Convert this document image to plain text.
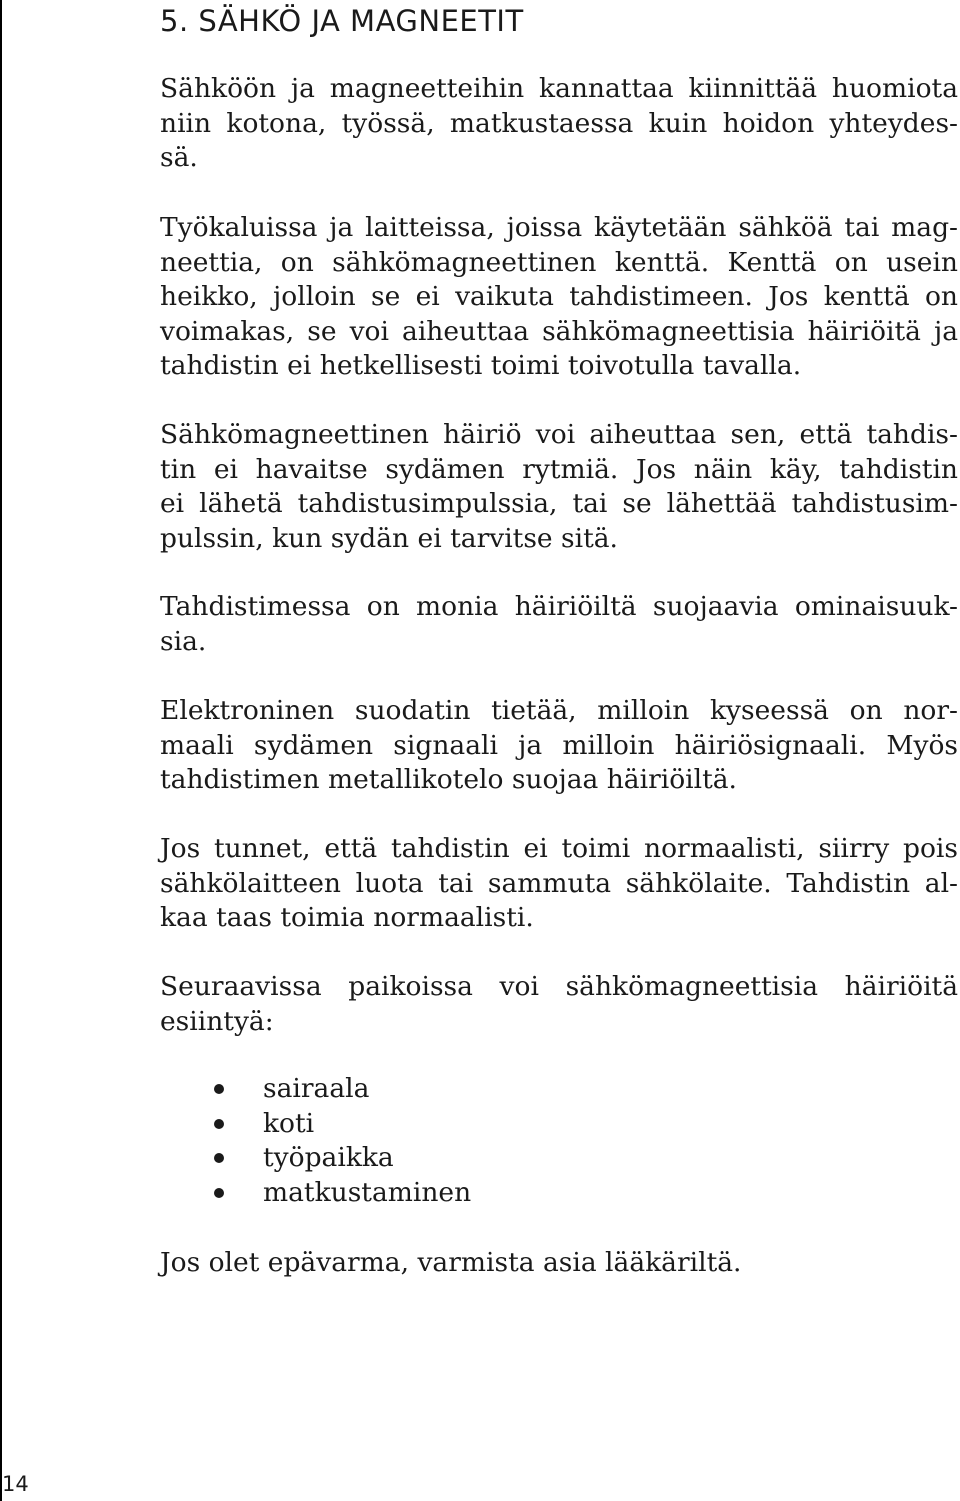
5. SÄHKÖ JA MAGNEETIT

Sähköön ja magneetteihin kannattaa kiinnittää huomiota
niin kotona, työssä, matkustaessa kuin hoidon yhteydes-
sä.

Työkaluissa ja laitteissa, joissa käytetään sähköä tai mag-
neettia, on sähkömagneettinen kenttä. Kenttä on usein
heikko, jolloin se ei vaikuta tahdistimeen. Jos kenttä on
voimakas, se voi aiheuttaa sähkömagneettisia häiriöitä ja
tahdistin ei hetkellisesti toimi toivotulla tavalla.

Sähkömagneettinen häiriö voi aiheuttaa sen, että tahdis-
tin ei havaitse sydämen rytmiä. Jos näin käy, tahdistin
ei lähetä tahdistusimpulssia, tai se lähettää tahdistusim-
pulssin, kun sydän ei tarvitse sitä.

Tahdistimessa on monia häiriöiltä suojaavia ominaisuuk-
sia.

Elektroninen suodatin tietää, milloin kyseessä on nor-
maali sydämen signaali ja milloin häiriösignaali. Myös
tahdistimen metallikotelo suojaa häiriöiltä.

Jos tunnet, että tahdistin ei toimi normaalisti, siirry pois
sähkölaitteen luota tai sammuta sähkölaite. Tahdistin al-
kaa taas toimia normaalisti.

Seuraavissa paikoissa voi sähkömagneettisia häiriöitä
esiintyä:

sairaala
koti
työpaikka
matkustaminen

Jos olet epävarma, varmista asia lääkäriltä.

14
